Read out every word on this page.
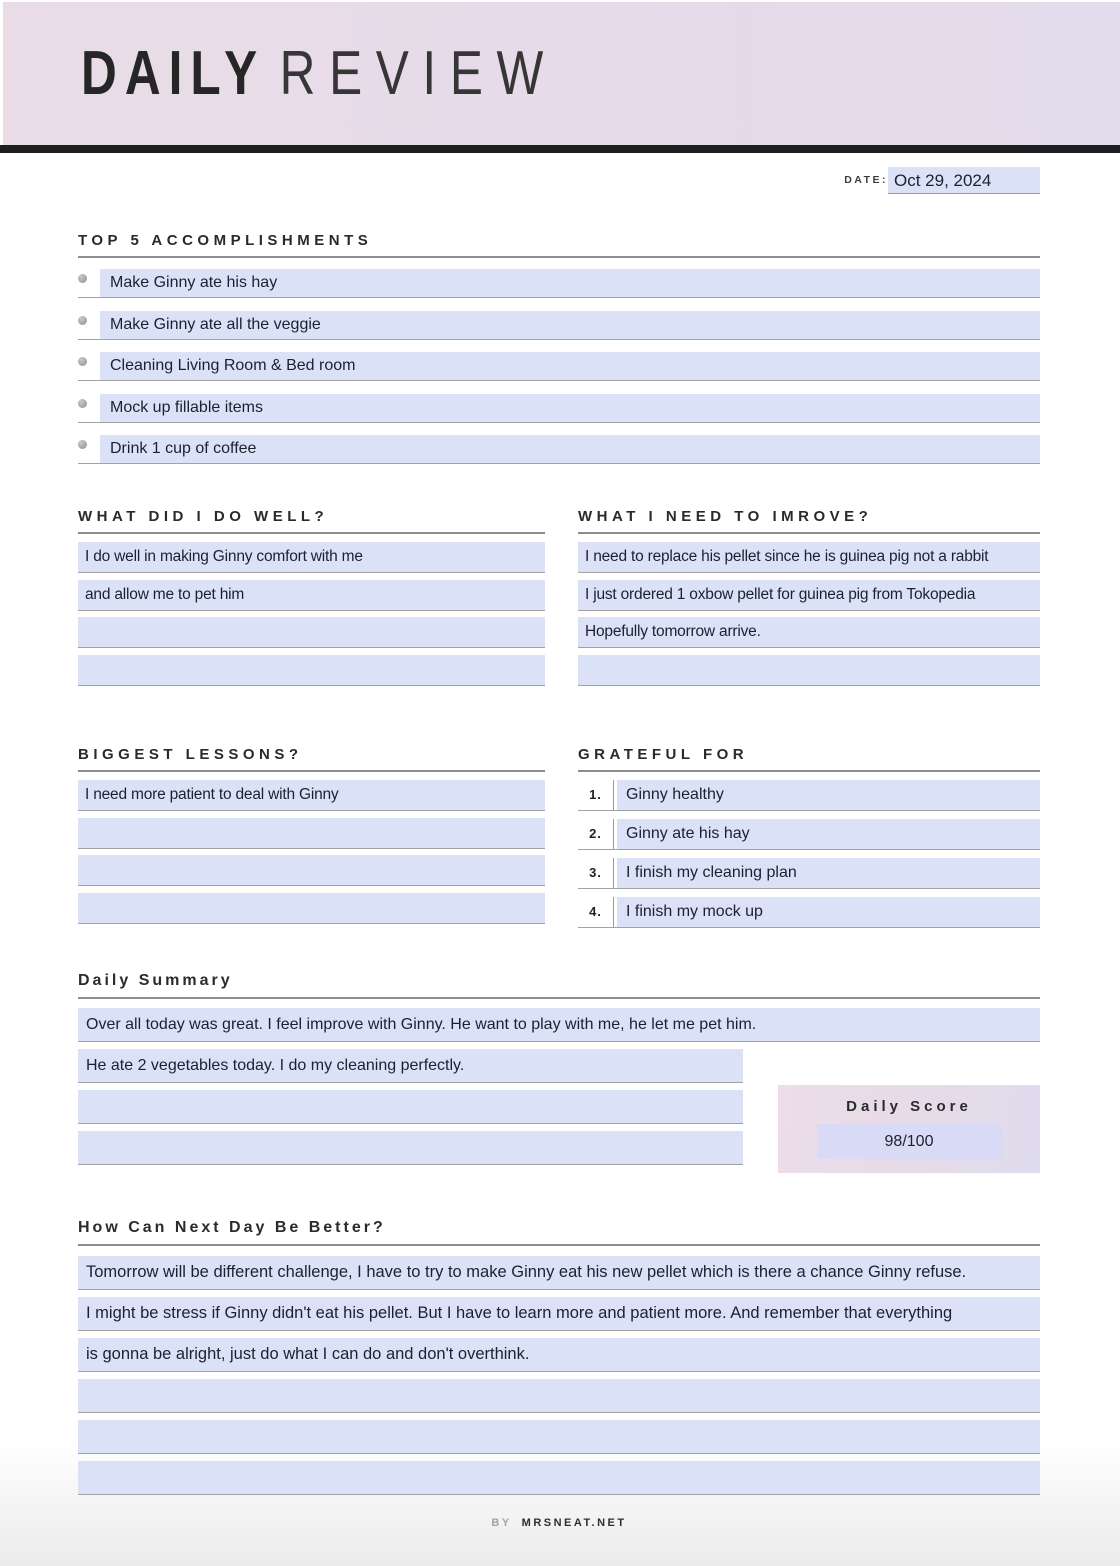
DAILY REVIEW
DATE: Oct 29, 2024
TOP 5 ACCOMPLISHMENTS
Make Ginny ate his hay
Make Ginny ate all the veggie
Cleaning Living Room & Bed room
Mock up fillable items
Drink 1 cup of coffee
WHAT DID I DO WELL?
I do well in making Ginny comfort with me
and allow me to pet him
WHAT I NEED TO IMROVE?
I need to replace his pellet since he is guinea pig not a rabbit
I just ordered 1 oxbow pellet for guinea pig from Tokopedia
Hopefully tomorrow arrive.
BIGGEST LESSONS?
I need more patient to deal with Ginny
GRATEFUL FOR
1.	Ginny healthy
2.	Ginny ate his hay
3.	I finish my cleaning plan
4.	I finish my mock up
Daily Summary
Over all today was great. I feel improve with Ginny. He want to play with me, he let me pet him.
He ate 2 vegetables today. I do my cleaning perfectly.
Daily Score
98/100
How Can Next Day Be Better?
Tomorrow will be different challenge, I have to try to make Ginny eat his new pellet which is there a chance Ginny refuse.
I might be stress if Ginny didn't eat his pellet. But I have to learn more and patient more. And remember that everything
is gonna be alright, just do what I can do and don't overthink.
BY MRSNEAT.NET
